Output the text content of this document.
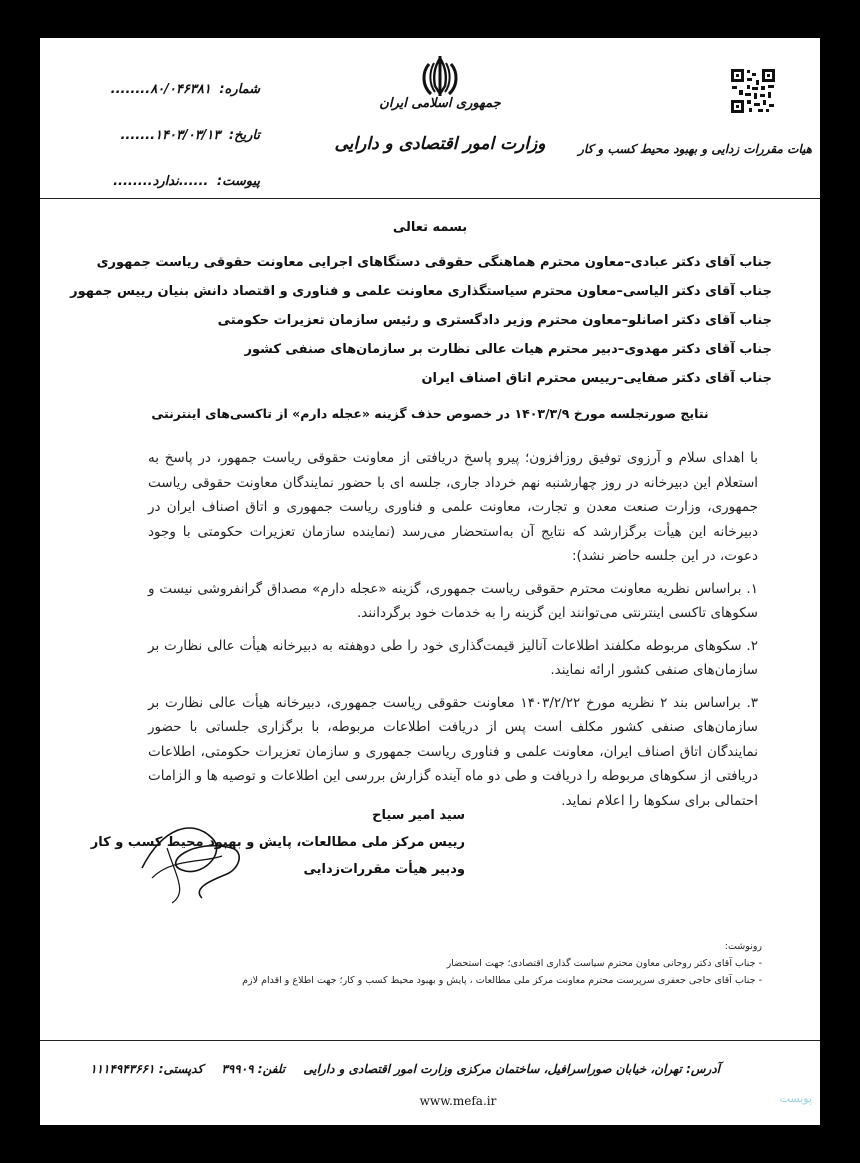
جمهوری اسلامی ایران
وزارت امور اقتصادی و دارایی
شماره: ۸۰/۰۴۶۳۸۱........
تاریخ: ۱۴۰۳/۰۳/۱۳.......
پیوست: ......ندارد........
هیات مقررات زدایی و بهبود محیط کسب و کار
بسمه تعالی
جناب آقای دکتر عبادی–معاون محترم هماهنگی حقوقی دستگاهای اجرایی معاونت حقوقی ریاست جمهوری
جناب آقای دکتر الیاسی–معاون محترم سیاستگذاری معاونت علمی و فناوری و اقتصاد دانش بنیان رییس جمهور
جناب آقای دکتر اصانلو–معاون محترم وزیر دادگستری و رئیس سازمان تعزیرات حکومتی
جناب آقای دکتر مهدوی–دبیر محترم هیات عالی نظارت بر سازمان‌های صنفی کشور
جناب آقای دکتر صفایی–رییس محترم اتاق اصناف ایران
نتایج صورتجلسه مورخ ۱۴۰۳/۳/۹ در خصوص حذف گزینه «عجله دارم» از تاکسی‌های اینترنتی

با اهدای سلام و آرزوی توفیق روزافزون؛ پیرو پاسخ دریافتی از معاونت حقوقی ریاست جمهور، در پاسخ به استعلام این دبیرخانه در روز چهارشنبه نهم خرداد جاری، جلسه ای با حضور نمایندگان معاونت حقوقی ریاست جمهوری، وزارت صنعت معدن و تجارت، معاونت علمی و فناوری ریاست جمهوری و اتاق اصناف ایران در دبیرخانه این هیأت برگزارشد که نتایج آن به‌استحضار می‌رسد (نماینده سازمان تعزیرات حکومتی با وجود دعوت، در این جلسه حاضر نشد):

۱. براساس نظریه معاونت محترم حقوقی ریاست جمهوری، گزینه «عجله دارم» مصداق گرانفروشی نیست و سکوهای تاکسی اینترنتی می‌توانند این گزینه را به خدمات خود برگردانند.

۲. سکوهای مربوطه مکلفند اطلاعات آنالیز قیمت‌گذاری خود را طی دوهفته به دبیرخانه هیأت عالی نظارت بر سازمان‌های صنفی کشور ارائه نمایند.

۳. براساس بند ۲ نظریه مورخ ۱۴۰۳/۲/۲۲ معاونت حقوقی ریاست جمهوری، دبیرخانه هیأت عالی نظارت بر سازمان‌های صنفی کشور مکلف است پس از دریافت اطلاعات مربوطه، با برگزاری جلساتی با حضور نمایندگان اتاق اصناف ایران، معاونت علمی و فناوری ریاست جمهوری و سازمان تعزیرات حکومتی، اطلاعات دریافتی از سکوهای مربوطه را دریافت و طی دو ماه آینده گزارش بررسی این اطلاعات و توصیه ها و الزامات احتمالی برای سکوها را اعلام نماید.

سید امیر سیاح
رییس مرکز ملی مطالعات، پایش و بهبود محیط کسب و کار
ودبیر هیأت مقررات‌زدایی
رونوشت:
- جناب آقای دکتر روحانی معاون محترم سیاست گذاری اقتصادی؛ جهت استحضار
- جناب آقای حاجی جعفری سرپرست محترم معاونت مرکز ملی مطالعات ، پایش و بهبود محیط کسب و کار؛ جهت اطلاع و اقدام لازم
آدرس: تهران، خیابان صوراسرافیل، ساختمان مرکزی وزارت امور اقتصادی و دارایی تلفن: ۳۹۹۰۹ کدپستی: ۱۱۱۴۹۴۳۶۶۱
www.mefa.ir	پویست
